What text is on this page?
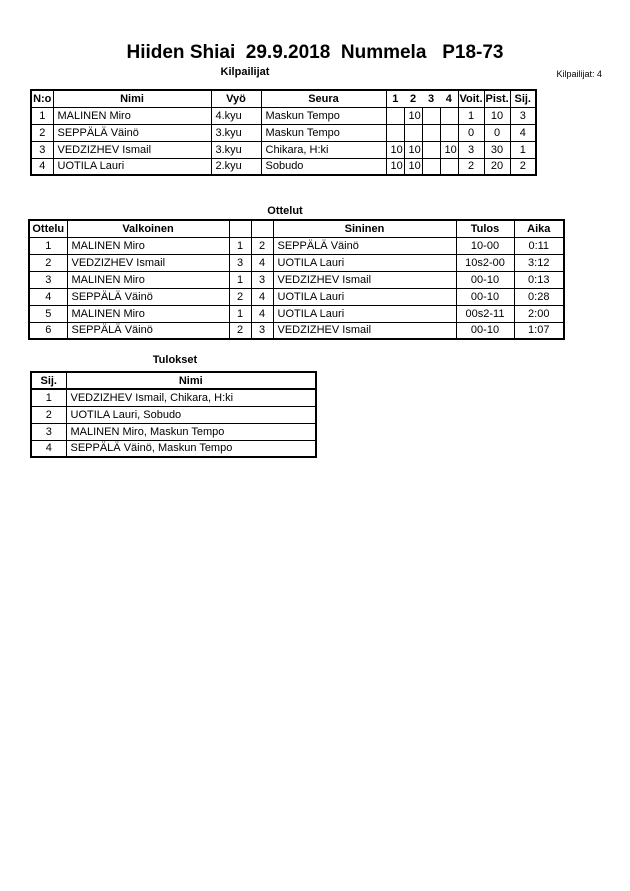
Hiiden Shiai  29.9.2018  Nummela   P18-73
Kilpailijat	Kilpailijat: 4
N:o	Nimi	Vyö	Seura	1	2	3	4	Voit.	Pist.	Sij.
1	MALINEN Miro	4.kyu	Maskun Tempo		10			1	10	3
2	SEPPÄLÄ Väinö	3.kyu	Maskun Tempo					0	0	4
3	VEDZIZHEV Ismail	3.kyu	Chikara, H:ki	10	10		10	3	30	1
4	UOTILA Lauri	2.kyu	Sobudo	10	10			2	20	2
Ottelut
Ottelu	Valkoinen			Sininen	Tulos	Aika
1	MALINEN Miro	1	2	SEPPÄLÄ Väinö	10-00	0:11
2	VEDZIZHEV Ismail	3	4	UOTILA Lauri	10s2-00	3:12
3	MALINEN Miro	1	3	VEDZIZHEV Ismail	00-10	0:13
4	SEPPÄLÄ Väinö	2	4	UOTILA Lauri	00-10	0:28
5	MALINEN Miro	1	4	UOTILA Lauri	00s2-11	2:00
6	SEPPÄLÄ Väinö	2	3	VEDZIZHEV Ismail	00-10	1:07
Tulokset
Sij.	Nimi
1	VEDZIZHEV Ismail, Chikara, H:ki
2	UOTILA Lauri, Sobudo
3	MALINEN Miro, Maskun Tempo
4	SEPPÄLÄ Väinö, Maskun Tempo
